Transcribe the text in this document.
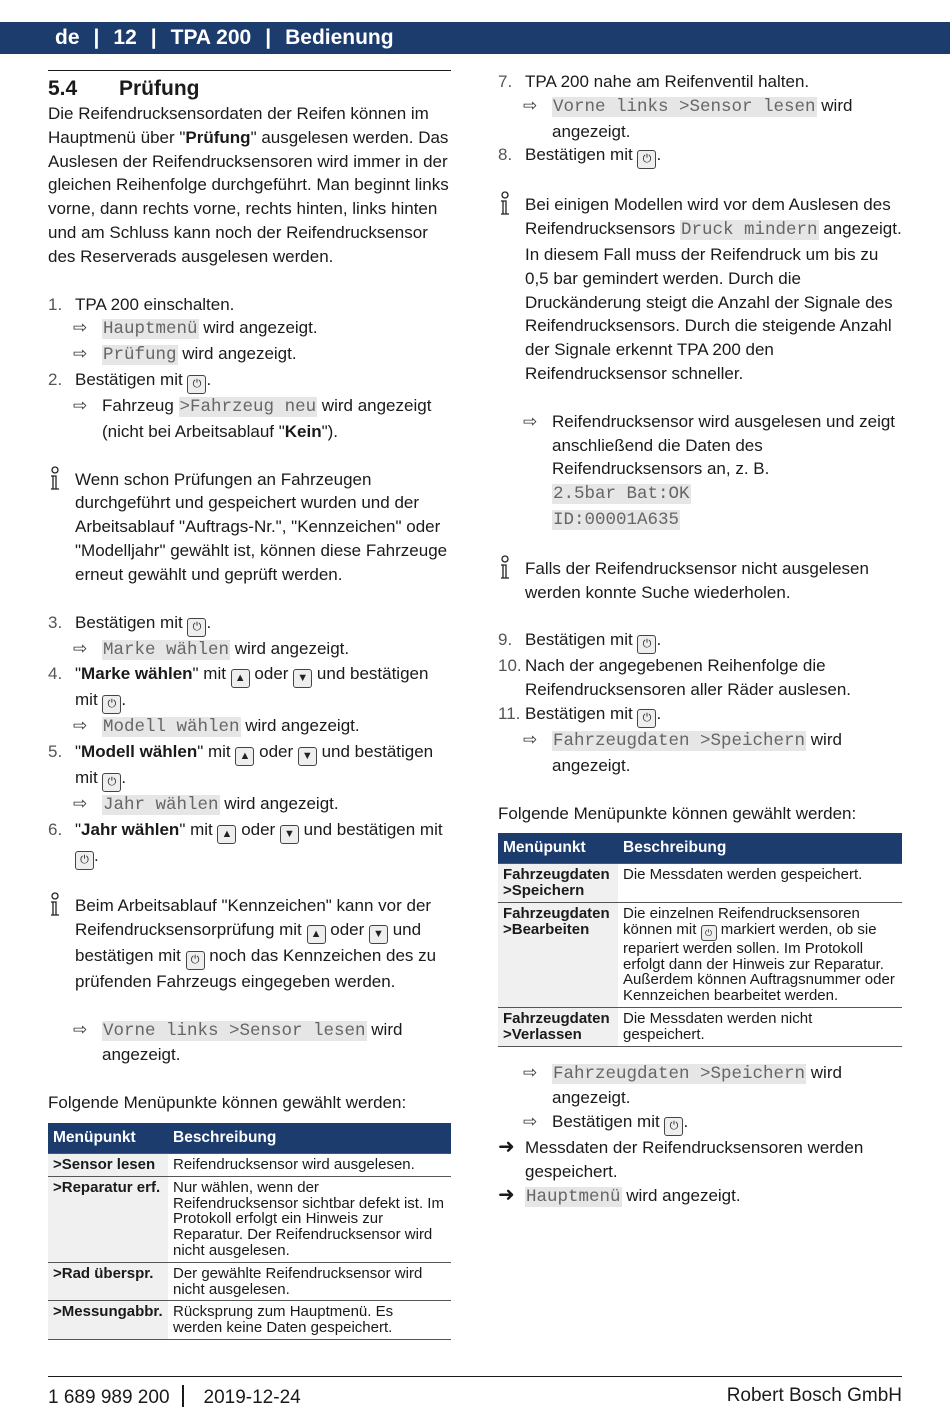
de | 12 | TPA 200 | Bedienung
5.4 Prüfung

Die Reifendrucksensordaten der Reifen können im Hauptmenü über "Prüfung" ausgelesen werden. Das Auslesen der Reifendrucksensoren wird immer in der gleichen Reihenfolge durchgeführt. Man beginnt links vorne, dann rechts vorne, rechts hinten, links hinten und am Schluss kann noch der Reifendrucksensor des Reserverads ausgelesen werden.

1. TPA 200 einschalten.
⇨ Hauptmenü wird angezeigt.
⇨ Prüfung wird angezeigt.
2. Bestätigen mit ⏻ .
⇨ Fahrzeug >Fahrzeug neu wird angezeigt (nicht bei Arbeitsablauf "Kein").
Wenn schon Prüfungen an Fahrzeugen durchgeführt und gespeichert wurden und der Arbeitsablauf "Auftrags-Nr.", "Kennzeichen" oder "Modelljahr" gewählt ist, können diese Fahrzeuge erneut gewählt und geprüft werden.
3. Bestätigen mit ⏻ .
⇨ Marke wählen wird angezeigt.
4. "Marke wählen" mit ▲ oder ▼ und bestätigen mit ⏻ .
⇨ Modell wählen wird angezeigt.
5. "Modell wählen" mit ▲ oder ▼ und bestätigen mit ⏻ .
⇨ Jahr wählen wird angezeigt.
6. "Jahr wählen" mit ▲ oder ▼ und bestätigen mit ⏻ .
Beim Arbeitsablauf "Kennzeichen" kann vor der Reifendrucksensorprüfung mit ▲ oder ▼ und bestätigen mit ⏻ noch das Kennzeichen des zu prüfenden Fahrzeugs eingegeben werden.
⇨ Vorne links >Sensor lesen wird angezeigt.

Folgende Menüpunkte können gewählt werden:

Menüpunkt	Beschreibung
>Sensor lesen	Reifendrucksensor wird ausgelesen.
>Reparatur erf.	Nur wählen, wenn der Reifendrucksensor sichtbar defekt ist. Im Protokoll erfolgt ein Hinweis zur Reparatur. Der Reifendrucksensor wird nicht ausgelesen.
>Rad überspr.	Der gewählte Reifendrucksensor wird nicht ausgelesen.
>Messungabbr.	Rücksprung zum Hauptmenü. Es werden keine Daten gespeichert.
7. TPA 200 nahe am Reifenventil halten.
⇨ Vorne links >Sensor lesen wird angezeigt.
8. Bestätigen mit ⏻ .
Bei einigen Modellen wird vor dem Auslesen des Reifendrucksensors Druck mindern angezeigt. In diesem Fall muss der Reifendruck um bis zu 0,5 bar gemindert werden. Durch die Druckänderung steigt die Anzahl der Signale des Reifendrucksensors. Durch die steigende Anzahl der Signale erkennt TPA 200 den Reifendrucksensor schneller.
⇨ Reifendrucksensor wird ausgelesen und zeigt anschließend die Daten des Reifendrucksensors an, z. B.
2.5bar Bat:OK
ID:00001A635
Falls der Reifendrucksensor nicht ausgelesen werden konnte Suche wiederholen.
9. Bestätigen mit ⏻ .
10. Nach der angegebenen Reihenfolge die Reifendrucksensoren aller Räder auslesen.
11. Bestätigen mit ⏻ .
⇨ Fahrzeugdaten >Speichern wird angezeigt.

Folgende Menüpunkte können gewählt werden:

Menüpunkt	Beschreibung
Fahrzeugdaten >Speichern	Die Messdaten werden gespeichert.
Fahrzeugdaten >Bearbeiten	Die einzelnen Reifendrucksensoren können mit ⏻ markiert werden, ob sie repariert werden sollen. Im Protokoll erfolgt dann der Hinweis zur Reparatur. Außerdem können Auftragsnummer oder Kennzeichen bearbeitet werden.
Fahrzeugdaten >Verlassen	Die Messdaten werden nicht gespeichert.
⇨ Fahrzeugdaten >Speichern wird angezeigt.
⇨ Bestätigen mit ⏻ .
➜ Messdaten der Reifendrucksensoren werden gespeichert.
➜ Hauptmenü wird angezeigt.
1 689 989 200 2019-12-24	Robert Bosch GmbH
